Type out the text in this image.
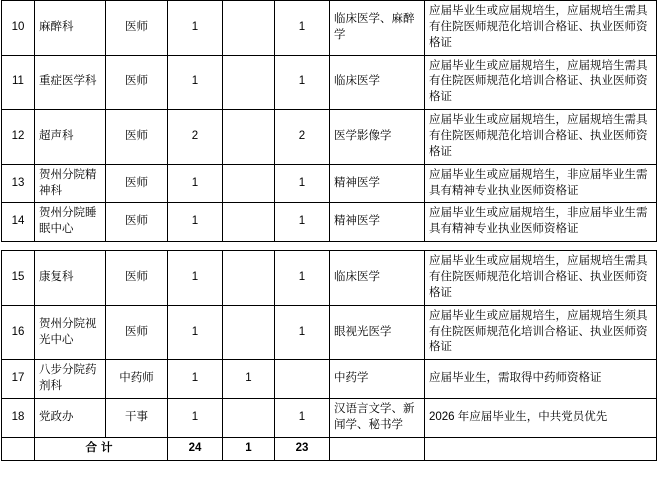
10	麻醉科	医师	1		1	临床医学、麻醉学	应届毕业生或应届规培生，应届规培生需具有住院医师规范化培训合格证、执业医师资格证
11	重症医学科	医师	1		1	临床医学	应届毕业生或应届规培生，应届规培生需具有住院医师规范化培训合格证、执业医师资格证
12	超声科	医师	2		2	医学影像学	应届毕业生或应届规培生，应届规培生需具有住院医师规范化培训合格证、执业医师资格证
13	贺州分院精神科	医师	1		1	精神医学	应届毕业生或应届规培生，非应届毕业生需具有精神专业执业医师资格证
14	贺州分院睡眠中心	医师	1		1	精神医学	应届毕业生或应届规培生，非应届毕业生需具有精神专业执业医师资格证
15	康复科	医师	1		1	临床医学	应届毕业生或应届规培生，应届规培生需具有住院医师规范化培训合格证、执业医师资格证
16	贺州分院视光中心	医师	1		1	眼视光医学	应届毕业生或应届规培生，应届规培生须具有住院医师规范化培训合格证、执业医师资格证
17	八步分院药剂科	中药师	1	1		中药学	应届毕业生，需取得中药师资格证
18	党政办	干事	1		1	汉语言文学、新闻学、秘书学	2026 年应届毕业生，中共党员优先
	合计		24	1	23		
